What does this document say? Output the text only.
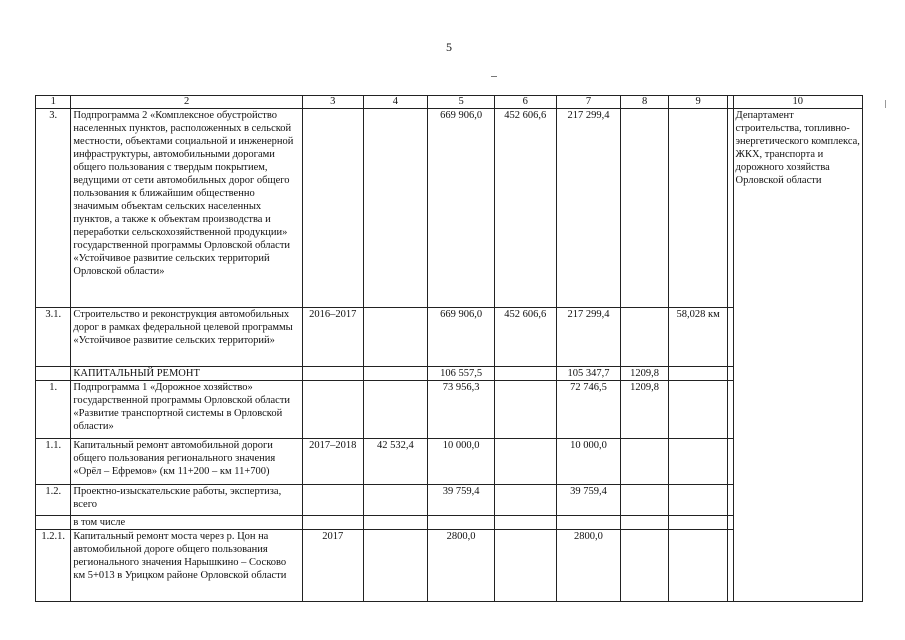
5
1	2	3	4	5	6	7	8	9		10
3.	Подпрограмма 2 «Комплексное обустройство населенных пунктов, расположенных в сельской местности, объектами социальной и инженерной инфраструктуры, автомобильными дорогами общего пользования с твердым покрытием, ведущими от сети автомобильных дорог общего пользования к ближайшим общественно значимым объектам сельских населенных пунктов, а также к объектам производства и переработки сельскохозяйственной продукции» государственной программы Орловской области «Устойчивое развитие сельских территорий Орловской области»			669 906,0	452 606,6	217 299,4				Департамент строительства, топливно-энергетического комплекса, ЖКХ, транспорта и дорожного хозяйства Орловской области
3.1.	Строительство и реконструкция автомобильных дорог в рамках федеральной целевой программы «Устойчивое развитие сельских территорий»	2016–2017		669 906,0	452 606,6	217 299,4		58,028 км		
	КАПИТАЛЬНЫЙ РЕМОНТ			106 557,5		105 347,7	1209,8			
1.	Подпрограмма 1 «Дорожное хозяйство» государственной программы Орловской области «Развитие транспортной системы в Орловской области»			73 956,3		72 746,5	1209,8			
1.1.	Капитальный ремонт автомобильной дороги общего пользования регионального значения «Орёл – Ефремов» (км 11+200 – км 11+700)	2017–2018	42 532,4	10 000,0		10 000,0				
1.2.	Проектно-изыскательские работы, экспертиза, всего			39 759,4		39 759,4				
	в том числе									
1.2.1.	Капитальный ремонт моста через р. Цон на автомобильной дороге общего пользования регионального значения Нарышкино – Сосково км 5+013 в Урицком районе Орловской области	2017		2800,0		2800,0				
